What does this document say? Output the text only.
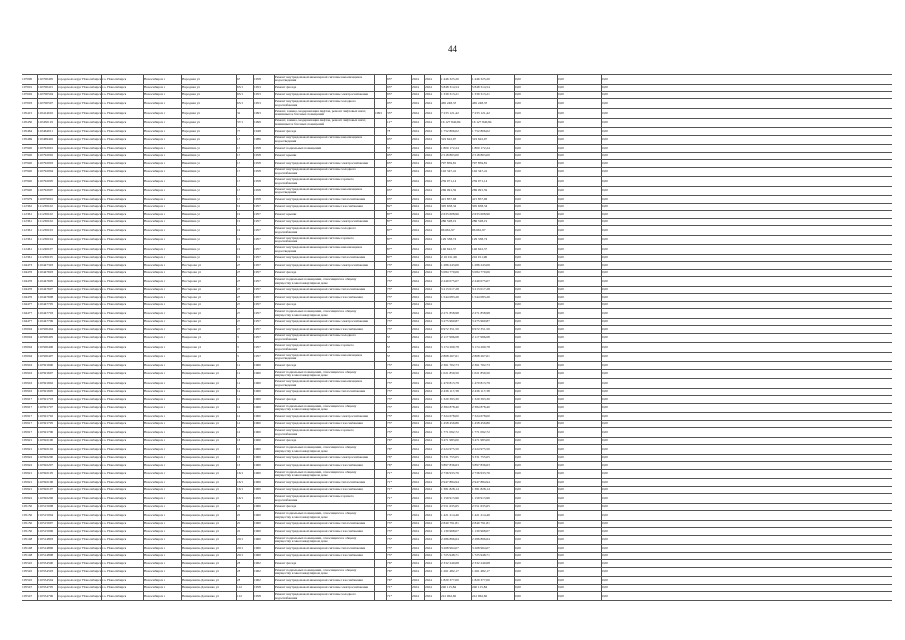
44
107000 110700405 городской округ Новосибирск г.о. Новосибирск	Новосибирск г	Народная ул	63	1958	Ремонт внутридомовой инженерной системы канализации и водоотведения	95*	2024 2024	1 446 325,20	1 446 325,20	0,00	0,00	0,00
107001 110700415 городской округ Новосибирск г.о. Новосибирск	Новосибирск г	Народная ул	63/1	1953	Ремонт фасада	95*	2024 2024	5 848 314,54	5 848 314,54	0,00	0,00	0,00
107002 110700504 городской округ Новосибирск г.о. Новосибирск	Новосибирск г	Народная ул	63/1	1953	Ремонт внутридомовой инженерной системы электроснабжения	95*	2024 2024	1 339 313,21	1 339 313,21	0,00	0,00	0,00
107003 110700507 городской округ Новосибирск г.о. Новосибирск	Новосибирск г	Народная ул	63/1	1953	Ремонт внутридомовой инженерной системы холодного водоснабжения	95*	2024 2024	465 248,35	465 248,35	0,00	0,00	0,00
105415 110414010 городской округ Новосибирск г.о. Новосибирск	Новосибирск г	Народная ул	34	1993	Ремонт, замена, модернизация лифтов, ремонт лифтовых шахт, машинных и блочных помещений	1993 35*	2024 2024	7 233 121,42	7 233 121,42	0,00	0,00	0,00
105450 110450119 городской округ Новосибирск г.о. Новосибирск	Новосибирск г	Народная ул	37/1	1999	Ремонт, замена, модернизация лифтов, ремонт лифтовых шахт, машинных и блочных помещений	11*	2024 2024	16 127 840,84	16 127 840,84	0,00	0,00	0,00
105464 110464011 городской округ Новосибирск г.о. Новосибирск	Новосибирск г	Народная ул	73	1948	Ремонт фасада	78	2024 2024	1 752 806,02	1 752 806,02	0,00	0,00	0,00
105469 110469402 городской округ Новосибирск г.о. Новосибирск	Новосибирск г	Народная ул	15	1986	Ремонт внутридомовой инженерной системы канализации и водоотведения	95*	2024 2024	319 622,97	319 622,97	0,00	0,00	0,00
107920 110792001 городской округ Новосибирск г.о. Новосибирск	Новосибирск г	Никитина ул	17	1958	Ремонт подвальных помещений	55	2024 2024	1 800 172,24	1 800 172,24	0,00	0,00	0,00
107920 110792002 городской округ Новосибирск г.о. Новосибирск	Новосибирск г	Никитина ул	17	1958	Ремонт крыши	95*	2024 2024	2 518 863,00	2 518 863,00	0,00	0,00	0,00
107920 110792003 городской округ Новосибирск г.о. Новосибирск	Новосибирск г	Никитина ул	17	1958	Ремонт внутридомовой инженерной системы электроснабжения	95*	2024 2024	797 859,81	797 859,81	0,00	0,00	0,00
107920 110792004 городской округ Новосибирск г.о. Новосибирск	Новосибирск г	Никитина ул	17	1958	Ремонт внутридомовой инженерной системы холодного водоснабжения	95*	2024 2024	102 347,41	102 347,41	0,00	0,00	0,00
107920 110792005 городской округ Новосибирск г.о. Новосибирск	Новосибирск г	Никитина ул	17	1958	Ремонт внутридомовой инженерной системы горячего водоснабжения	95*	2024 2024	259 971,14	259 971,14	0,00	0,00	0,00
107920 110792007 городской округ Новосибирск г.о. Новосибирск	Новосибирск г	Никитина ул	17	1958	Ремонт внутридомовой инженерной системы канализации и водоотведения	95*	2024 2024	269 091,59	269 091,59	0,00	0,00	0,00
107979 110979001 городской округ Новосибирск г.о. Новосибирск	Новосибирск г	Никитина ул	17	1958	Ремонт внутридомовой инженерной системы теплоснабжения	95*	2024 2024	415 857,96	415 857,96	0,00	0,00	0,00
112362 111236102 городской округ Новосибирск г.о. Новосибирск	Новосибирск г	Никитина ул	19	1957	Ремонт внутридомовой инженерной системы газоснабжения	82*	2024 2024	305 658,34	305 658,34	0,00	0,00	0,00
112361 111236102 городской округ Новосибирск г.о. Новосибирск	Новосибирск г	Никитина ул	19	1957	Ремонт крыши	87*	2024 2024	2 633 608,96	2 633 608,96	0,00	0,00	0,00
112361 111236102 городской округ Новосибирск г.о. Новосибирск	Новосибирск г	Никитина ул	19	1957	Ремонт внутридомовой инженерной системы электроснабжения	87*	2024 2024	286 528,19	286 528,19	0,00	0,00	0,00
112361 111236103 городской округ Новосибирск г.о. Новосибирск	Новосибирск г	Никитина ул	19	1957	Ремонт внутридомовой инженерной системы холодного водоснабжения	87*	2024 2024	96 661,97	96 661,97	0,00	0,00	0,00
112361 111236104 городской округ Новосибирск г.о. Новосибирск	Новосибирск г	Никитина ул	19	1957	Ремонт внутридомовой инженерной системы горячего водоснабжения	87*	2024 2024	129 338,74	129 338,74	0,00	0,00	0,00
112461 111246107 городской округ Новосибирск г.о. Новосибирск	Новосибирск г	Никитина ул	19	1957	Ремонт внутридомовой инженерной системы канализации и водоотведения	87*	2024 2024	146 622,37	146 622,37	0,00	0,00	0,00
112361 111236105 городской округ Новосибирск г.о. Новосибирск	Новосибирск г	Никитина ул	19	1957	Ремонт внутридомовой инженерной системы теплоснабжения	87*	2024 2024	2 16 011,96	216 011,96	0,00	0,00	0,00
104473 110447303 городской округ Новосибирск г.о. Новосибирск	Новосибирск г	Нестерова ул	25	1957	Ремонт внутридомовой инженерной системы электроснабжения	73*	2024 2024	1 286 243,06	1 286 243,06	0,00	0,00	0,00
104476 110447603 городской округ Новосибирск г.о. Новосибирск	Новосибирск г	Нестерова ул	25	1957	Ремонт фасада	73*	2024 2024	5 084 770,06	5 084 770,06	0,00	0,00	0,00
104476 110447605 городской округ Новосибирск г.о. Новосибирск	Новосибирск г	Нестерова ул	25	1957	Ремонт подвальных помещений, относящихся к общему имуществу в многоквартирном доме	73*	2024 2024	2 249 075,07	2 249 075,07	0,00	0,00	0,00
104476 110447607 городской округ Новосибирск г.о. Новосибирск	Новосибирск г	Нестерова ул	25	1957	Ремонт внутридомовой инженерной системы теплоснабжения	73*	2024 2024	3 213 017,28	3 213 017,28	0,00	0,00	0,00
104476 110447608 городской округ Новосибирск г.о. Новосибирск	Новосибирск г	Нестерова ул	25	1957	Ремонт внутридомовой инженерной системы газоснабжения	73*	2024 2024	1 544 083,26	1 544 083,26	0,00	0,00	0,00
104477 110447705 городской округ Новосибирск г.о. Новосибирск	Новосибирск г	Нестерова ул	27	1957	Ремонт фасада	73*	2024 2024	0,00	0,00	0,00
104477 110447703 городской округ Новосибирск г.о. Новосибирск	Новосибирск г	Нестерова ул	27	1957	Ремонт подвальных помещений, относящихся к общему имуществу в многоквартирном доме	73*	2024 2024	2 271 858,98	2 271 858,98	0,00	0,00	0,00
104477 110447706 городской округ Новосибирск г.о. Новосибирск	Новосибирск г	Нестерова ул	27	1957	Ремонт внутридомовой инженерной системы электроснабжения	73*	2024 2024	3 275 960,87	3 275 960,87	0,00	0,00	0,00
105004 110500404 городской округ Новосибирск г.о. Новосибирск	Новосибирск г	Нестерова ул	27	1957	Ремонт внутридомовой инженерной системы газоснабжения	73*	2024 2024	9 972 351,50	9 972 351,50	0,00	0,00	0,00
105004 110500405 городской округ Новосибирск г.о. Новосибирск	Новосибирск г	Некрасова ул	3	1957	Ремонт внутридомовой инженерной системы холодного водоснабжения	53	2024 2024	2 117 996,68	2 117 996,68	0,00	0,00	0,00
105004 110500406 городской округ Новосибирск г.о. Новосибирск	Новосибирск г	Некрасова ул	3	1957	Ремонт внутридомовой инженерной системы горячего водоснабжения	53	2024 2024	3 174 299,78	3 174 299,78	0,00	0,00	0,00
105004 110500407 городской округ Новосибирск г.о. Новосибирск	Новосибирск г	Некрасова ул	3	1957	Ремонт внутридомовой инженерной системы канализации и водоотведения	53	2024 2024	2 868 267,61	2 868 267,61	0,00	0,00	0,00
105916 110591600 городской округ Новосибирск г.о. Новосибирск	Новосибирск г	Немировича-Данченко ул	12	1960	Ремонт фасада	75*	2024 2024	2 361 702,73	2 361 702,73	0,00	0,00	0,00
105916 110591607 городской округ Новосибирск г.о. Новосибирск	Новосибирск г	Немировича-Данченко ул	12	1960	Ремонт подвальных помещений, относящихся к общему имуществу в многоквартирном доме	75*	2024 2024	1 021 859,50	1 021 859,50	0,00	0,00	0,00
105916 110591602 городской округ Новосибирск г.о. Новосибирск	Новосибирск г	Немировича-Данченко ул	12	1960	Ремонт внутридомовой инженерной системы канализации и водоотведения	75*	2024 2024	1 470 813,79	1 470 813,79	0,00	0,00	0,00
105916 110591605 городской округ Новосибирск г.о. Новосибирск	Новосибирск г	Немировича-Данченко ул	12	1960	Ремонт внутридомовой инженерной системы теплоснабжения	75*	2024 2024	2 436 117,38	2 436 117,38	0,00	0,00	0,00
105917 110591703 городской округ Новосибирск г.о. Новосибирск	Новосибирск г	Немировича-Данченко ул	14	1960	Ремонт фасада	73*	2024 2024	1 320 393,30	1 320 393,30	0,00	0,00	0,00
105917 110591707 городской округ Новосибирск г.о. Новосибирск	Новосибирск г	Немировича-Данченко ул	14	1960	Ремонт подвальных помещений, относящихся к общему имуществу в многоквартирном доме	73*	2024 2024	2 384 878,40	2 384 878,40	0,00	0,00	0,00
105917 110591702 городской округ Новосибирск г.о. Новосибирск	Новосибирск г	Немировича-Данченко ул	14	1960	Ремонт внутридомовой инженерной системы электроснабжения	73*	2024 2024	7 324 678,00	7 324 678,00	0,00	0,00	0,00
105917 110591705 городской округ Новосибирск г.о. Новосибирск	Новосибирск г	Немировича-Данченко ул	14	1960	Ремонт внутридомовой инженерной системы газоснабжения	73*	2024 2024	1 458 456,86	1 458 456,86	0,00	0,00	0,00
105917 110591706 городской округ Новосибирск г.о. Новосибирск	Новосибирск г	Немировича-Данченко ул	14	1960	Ремонт внутридомовой инженерной системы горячего водоснабжения	73*	2024 2024	1 771 092,72	1 771 092,72	0,00	0,00	0,00
105921 110592100 городской округ Новосибирск г.о. Новосибирск	Новосибирск г	Немировича-Данченко ул	16	1960	Ремонт фасада	76*	2024 2024	3 471 983,00	3 471 983,00	0,00	0,00	0,00
105921 110592102 городской округ Новосибирск г.о. Новосибирск	Новосибирск г	Немировича-Данченко ул	16	1960	Ремонт подвальных помещений, относящихся к общему имуществу в многоквартирном доме	76*	2024 2024	2 224 975,50	2 224 975,50	0,00	0,00	0,00
105922 110592200 городской округ Новосибирск г.о. Новосибирск	Новосибирск г	Немировича-Данченко ул	16	1960	Ремонт внутридомовой инженерной системы электроснабжения	76*	2024 2024	3 331 755,05	3 331 755,05	0,00	0,00	0,00
105922 110592207 городской округ Новосибирск г.о. Новосибирск	Новосибирск г	Немировича-Данченко ул	16	1960	Ремонт внутридомовой инженерной системы газоснабжения	76*	2024 2024	3 897 836,63	3 897 836,63	0,00	0,00	0,00
105921 110592105 городской округ Новосибирск г.о. Новосибирск	Новосибирск г	Немировича-Данченко ул	16/1	1960	Ремонт подвальных помещений, относящихся к общему имуществу в многоквартирном доме	71*	2024 2024	2 736 933,76	2 736 933,76	0,00	0,00	0,00
105921 110592106 городской округ Новосибирск г.о. Новосибирск	Новосибирск г	Немировича-Данченко ул	16/1	1960	Ремонт внутридомовой инженерной системы теплоснабжения	71*	2024 2024	2 947 884,94	2 947 884,94	0,00	0,00	0,00
105921 110592107 городской округ Новосибирск г.о. Новосибирск	Новосибирск г	Немировича-Данченко ул	16/1	1960	Ремонт внутридомовой инженерной системы газоснабжения	71*	2024 2024	1 381 828,14	1 381 828,14	0,00	0,00	0,00
105922 110592206 городской округ Новосибирск г.о. Новосибирск	Новосибирск г	Немировича-Данченко ул	16/1	1959	Ремонт внутридомовой инженерной системы горячего водоснабжения	71*	2024 2024	1 159 913,96	1 159 913,96	0,00	0,00	0,00
105150 110515008 городской округ Новосибирск г.о. Новосибирск	Новосибирск г	Немировича-Данченко ул	20	1960	Ремонт фасада	73*	2024 2024	2 551 635,65	2 551 635,65	0,00	0,00	0,00
105150 110515004 городской округ Новосибирск г.о. Новосибирск	Новосибирск г	Немировича-Данченко ул	20	1960	Ремонт подвальных помещений, относящихся к общему имуществу в многоквартирном доме	73*	2024 2024	1 421 214,46	1 421 214,46	0,00	0,00	0,00
105150 110515007 городской округ Новосибирск г.о. Новосибирск	Новосибирск г	Немировича-Данченко ул	20	1960	Ремонт внутридомовой инженерной системы теплоснабжения	73*	2024 2024	2 840 791,81	2 840 791,81	0,00	0,00	0,00
105150 110515006 городской округ Новосибирск г.о. Новосибирск	Новосибирск г	Немировича-Данченко ул	20	1960	Ремонт внутридомовой инженерной системы газоснабжения	73*	2024 2024	1 130 968,07	1 130 968,07	0,00	0,00	0,00
105148 110514803 городской округ Новосибирск г.о. Новосибирск	Новосибирск г	Немировича-Данченко ул	20/1	1960	Ремонт подвальных помещений, относящихся к общему имуществу в многоквартирном доме	75*	2024 2024	2 286 896,64	2 286 896,64	0,00	0,00	0,00
105148 110514806 городской округ Новосибирск г.о. Новосибирск	Новосибирск г	Немировича-Данченко ул	20/1	1960	Ремонт внутридомовой инженерной системы теплоснабжения	75*	2024 2024	3 268 964,07	3 268 964,07	0,00	0,00	0,00
105148 110514808 городской округ Новосибирск г.о. Новосибирск	Новосибирск г	Немировича-Данченко ул	20/1	1960	Ремонт внутридомовой инженерной системы газоснабжения	75*	2024 2024	1 725 948,71	1 725 948,71	0,00	0,00	0,00
105545 110554500 городской округ Новосибирск г.о. Новосибирск	Новосибирск г	Немировича-Данченко ул	28	1962	Ремонт фасада	76*	2024 2024	2 332 240,68	2 332 240,68	0,00	0,00	0,00
105545 110554503 городской округ Новосибирск г.о. Новосибирск	Новосибирск г	Немировича-Данченко ул	28	1962	Ремонт подвальных помещений, относящихся к общему имуществу в многоквартирном доме	76*	2024 2024	1 261 482,17	1 261 482,17	0,00	0,00	0,00
105545 110554504 городской округ Новосибирск г.о. Новосибирск	Новосибирск г	Немировича-Данченко ул	28	1962	Ремонт внутридомовой инженерной системы газоснабжения	76*	2024 2024	1 820 377,00	1 820 377,00	0,00	0,00	0,00
105547 110554705 городской округ Новосибирск г.о. Новосибирск	Новосибирск г	Немировича-Данченко ул	112	1958	Ремонт внутридомовой инженерной системы электроснабжения	71*	2024 2024	240 115,84	240 115,84	0,00	0,00	0,00
105547 110554706 городской округ Новосибирск г.о. Новосибирск	Новосибирск г	Немировича-Данченко ул	112	1958	Ремонт внутридомовой инженерной системы холодного водоснабжения	71*	2024 2024	241 962,60	241 962,60	0,00	0,00	0,00
